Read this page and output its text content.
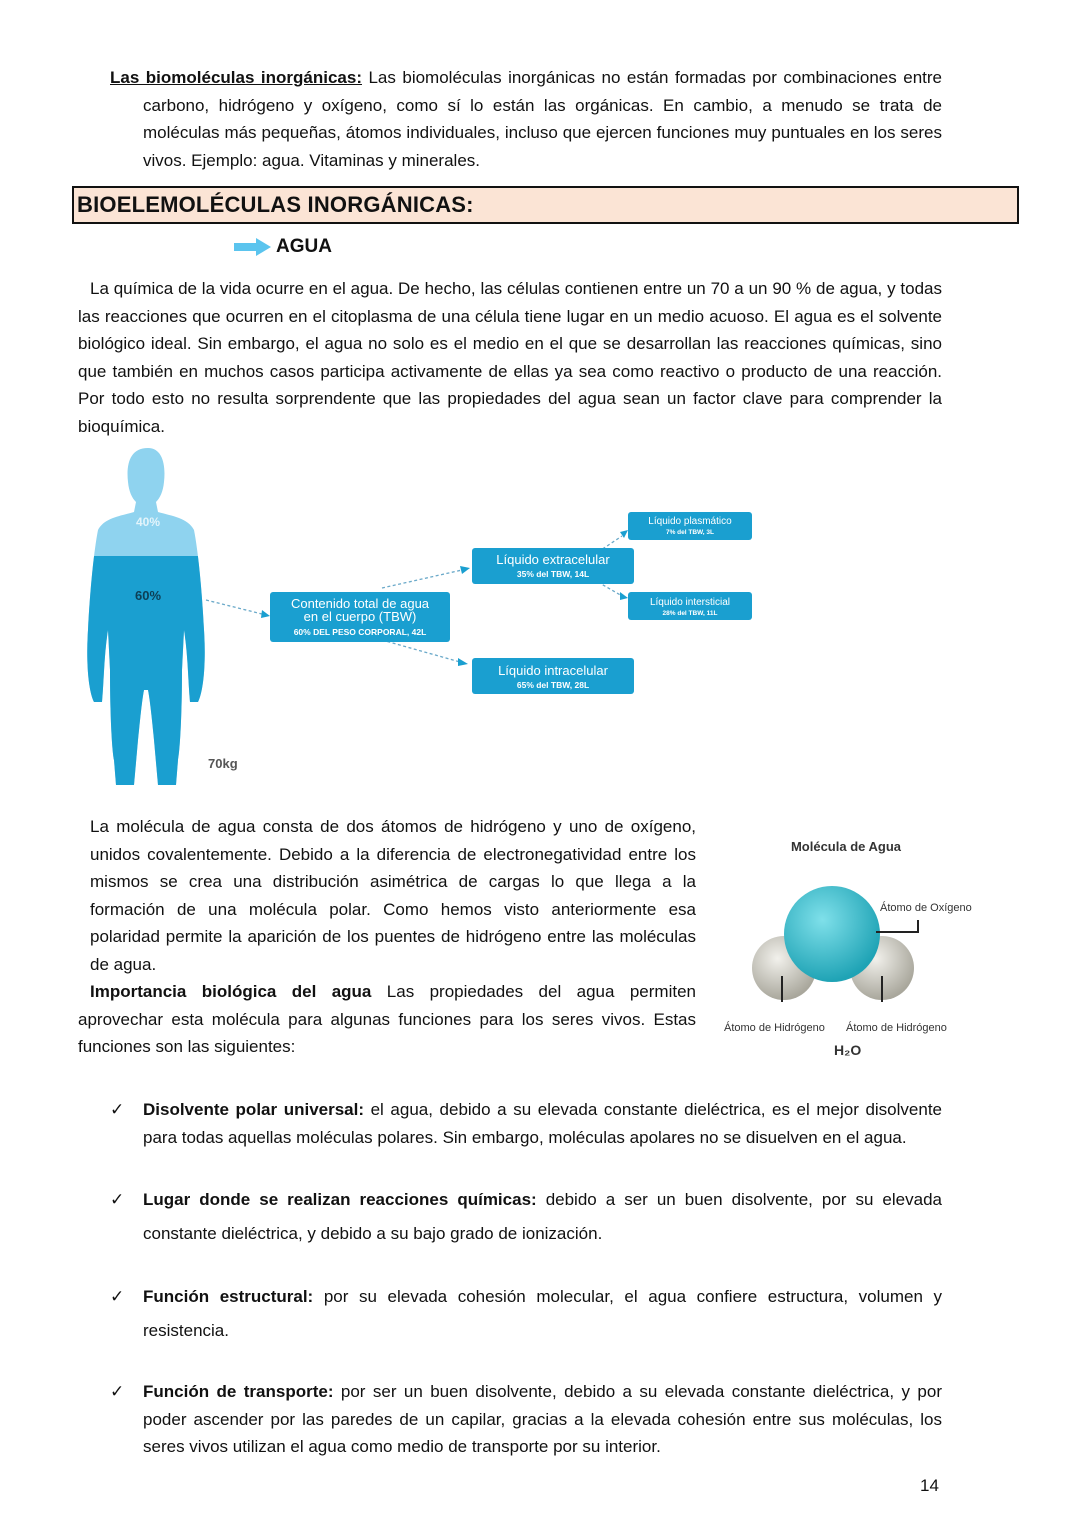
Las biomoléculas inorgánicas: Las biomoléculas inorgánicas no están formadas por combinaciones entre carbono, hidrógeno y oxígeno, como sí lo están las orgánicas. En cambio, a menudo se trata de moléculas más pequeñas, átomos individuales, incluso que ejercen funciones muy puntuales en los seres vivos. Ejemplo: agua. Vitaminas y minerales.
BIOELEMOLÉCULAS INORGÁNICAS:
AGUA
La química de la vida ocurre en el agua. De hecho, las células contienen entre un 70 a un 90 % de agua, y todas las reacciones que ocurren en el citoplasma de una célula tiene lugar en un medio acuoso. El agua es el solvente biológico ideal. Sin embargo, el agua no solo es el medio en el que se desarrollan las reacciones químicas, sino que también en muchos casos participa activamente de ellas ya sea como reactivo o producto de una reacción. Por todo esto no resulta sorprendente que las propiedades del agua sean un factor clave para comprender la bioquímica.
40%
60%
70kg
Contenido total de agua
en el cuerpo (TBW)
60% DEL PESO CORPORAL, 42L
Líquido extracelular
35% del TBW, 14L
Líquido intracelular
65% del TBW, 28L
Líquido plasmático
7% del TBW, 3L
Líquido intersticial
28% del TBW, 11L
La molécula de agua consta de dos átomos de hidrógeno y uno de oxígeno, unidos covalentemente. Debido a la diferencia de electronegatividad entre los mismos se crea una distribución asimétrica de cargas lo que llega a la formación de una molécula polar. Como hemos visto anteriormente esa polaridad permite la aparición de los puentes de hidrógeno entre las moléculas de agua.
Importancia biológica del agua Las propiedades del agua permiten aprovechar esta molécula para algunas funciones para los seres vivos. Estas funciones son las siguientes:
Molécula de Agua
Átomo de Oxígeno
Átomo de Hidrógeno Átomo de Hidrógeno
H₂O
✓ Disolvente polar universal: el agua, debido a su elevada constante dieléctrica, es el mejor disolvente para todas aquellas moléculas polares. Sin embargo, moléculas apolares no se disuelven en el agua.
✓ Lugar donde se realizan reacciones químicas: debido a ser un buen disolvente, por su elevada constante dieléctrica, y debido a su bajo grado de ionización.
✓ Función estructural: por su elevada cohesión molecular, el agua confiere estructura, volumen y resistencia.
✓ Función de transporte: por ser un buen disolvente, debido a su elevada constante dieléctrica, y por poder ascender por las paredes de un capilar, gracias a la elevada cohesión entre sus moléculas, los seres vivos utilizan el agua como medio de transporte por su interior.
14
